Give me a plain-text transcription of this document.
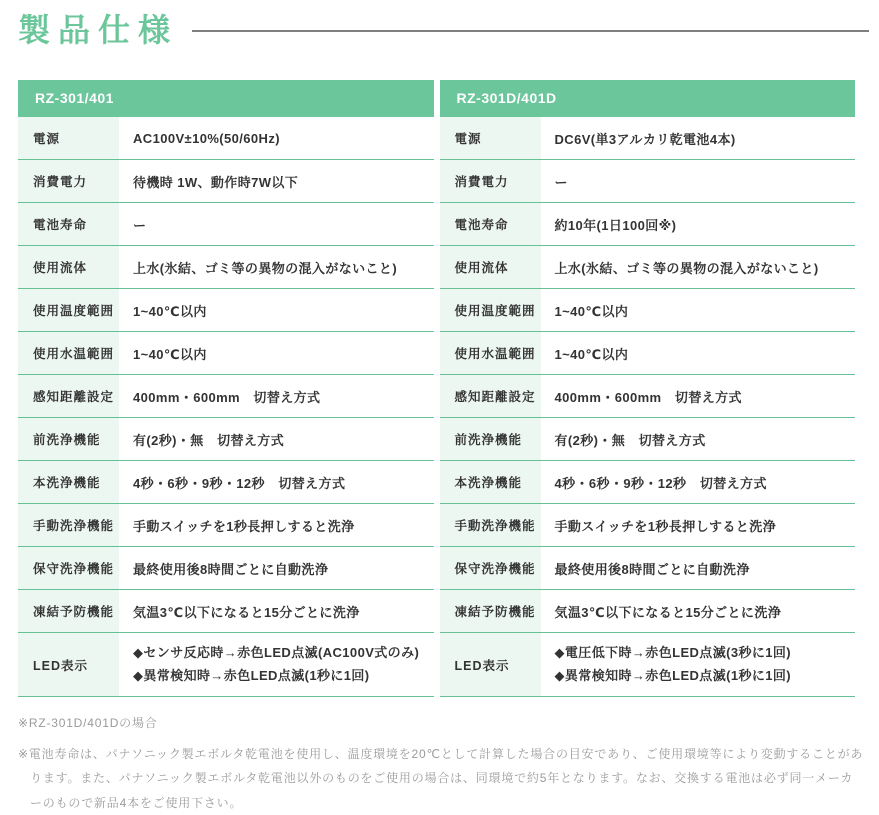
製品仕様
RZ-301/401
電源	AC100V±10%(50/60Hz)
消費電力	待機時 1W、動作時7W以下
電池寿命	ー
使用流体	上水(氷結、ゴミ等の異物の混入がないこと)
使用温度範囲	1~40℃以内
使用水温範囲	1~40℃以内
感知距離設定	400mm・600mm　切替え方式
前洗浄機能	有(2秒)・無　切替え方式
本洗浄機能	4秒・6秒・9秒・12秒　切替え方式
手動洗浄機能	手動スイッチを1秒長押しすると洗浄
保守洗浄機能	最終使用後8時間ごとに自動洗浄
凍結予防機能	気温3℃以下になると15分ごとに洗浄
LED表示
◆センサ反応時→赤色LED点滅(AC100V式のみ)
◆異常検知時→赤色LED点滅(1秒に1回)
RZ-301D/401D
電源	DC6V(単3アルカリ乾電池4本)
消費電力	ー
電池寿命	約10年(1日100回※)
使用流体	上水(氷結、ゴミ等の異物の混入がないこと)
使用温度範囲	1~40℃以内
使用水温範囲	1~40℃以内
感知距離設定	400mm・600mm　切替え方式
前洗浄機能	有(2秒)・無　切替え方式
本洗浄機能	4秒・6秒・9秒・12秒　切替え方式
手動洗浄機能	手動スイッチを1秒長押しすると洗浄
保守洗浄機能	最終使用後8時間ごとに自動洗浄
凍結予防機能	気温3℃以下になると15分ごとに洗浄
LED表示
◆電圧低下時→赤色LED点滅(3秒に1回)
◆異常検知時→赤色LED点滅(1秒に1回)

※RZ-301D/401Dの場合

※電池寿命は、パナソニック製エボルタ乾電池を使用し、温度環境を20℃として計算した場合の目安であり、ご使用環境等により変動することがあります。また、パナソニック製エボルタ乾電池以外のものをご使用の場合は、同環境で約5年となります。なお、交換する電池は必ず同一メーカーのもので新品4本をご使用下さい。
